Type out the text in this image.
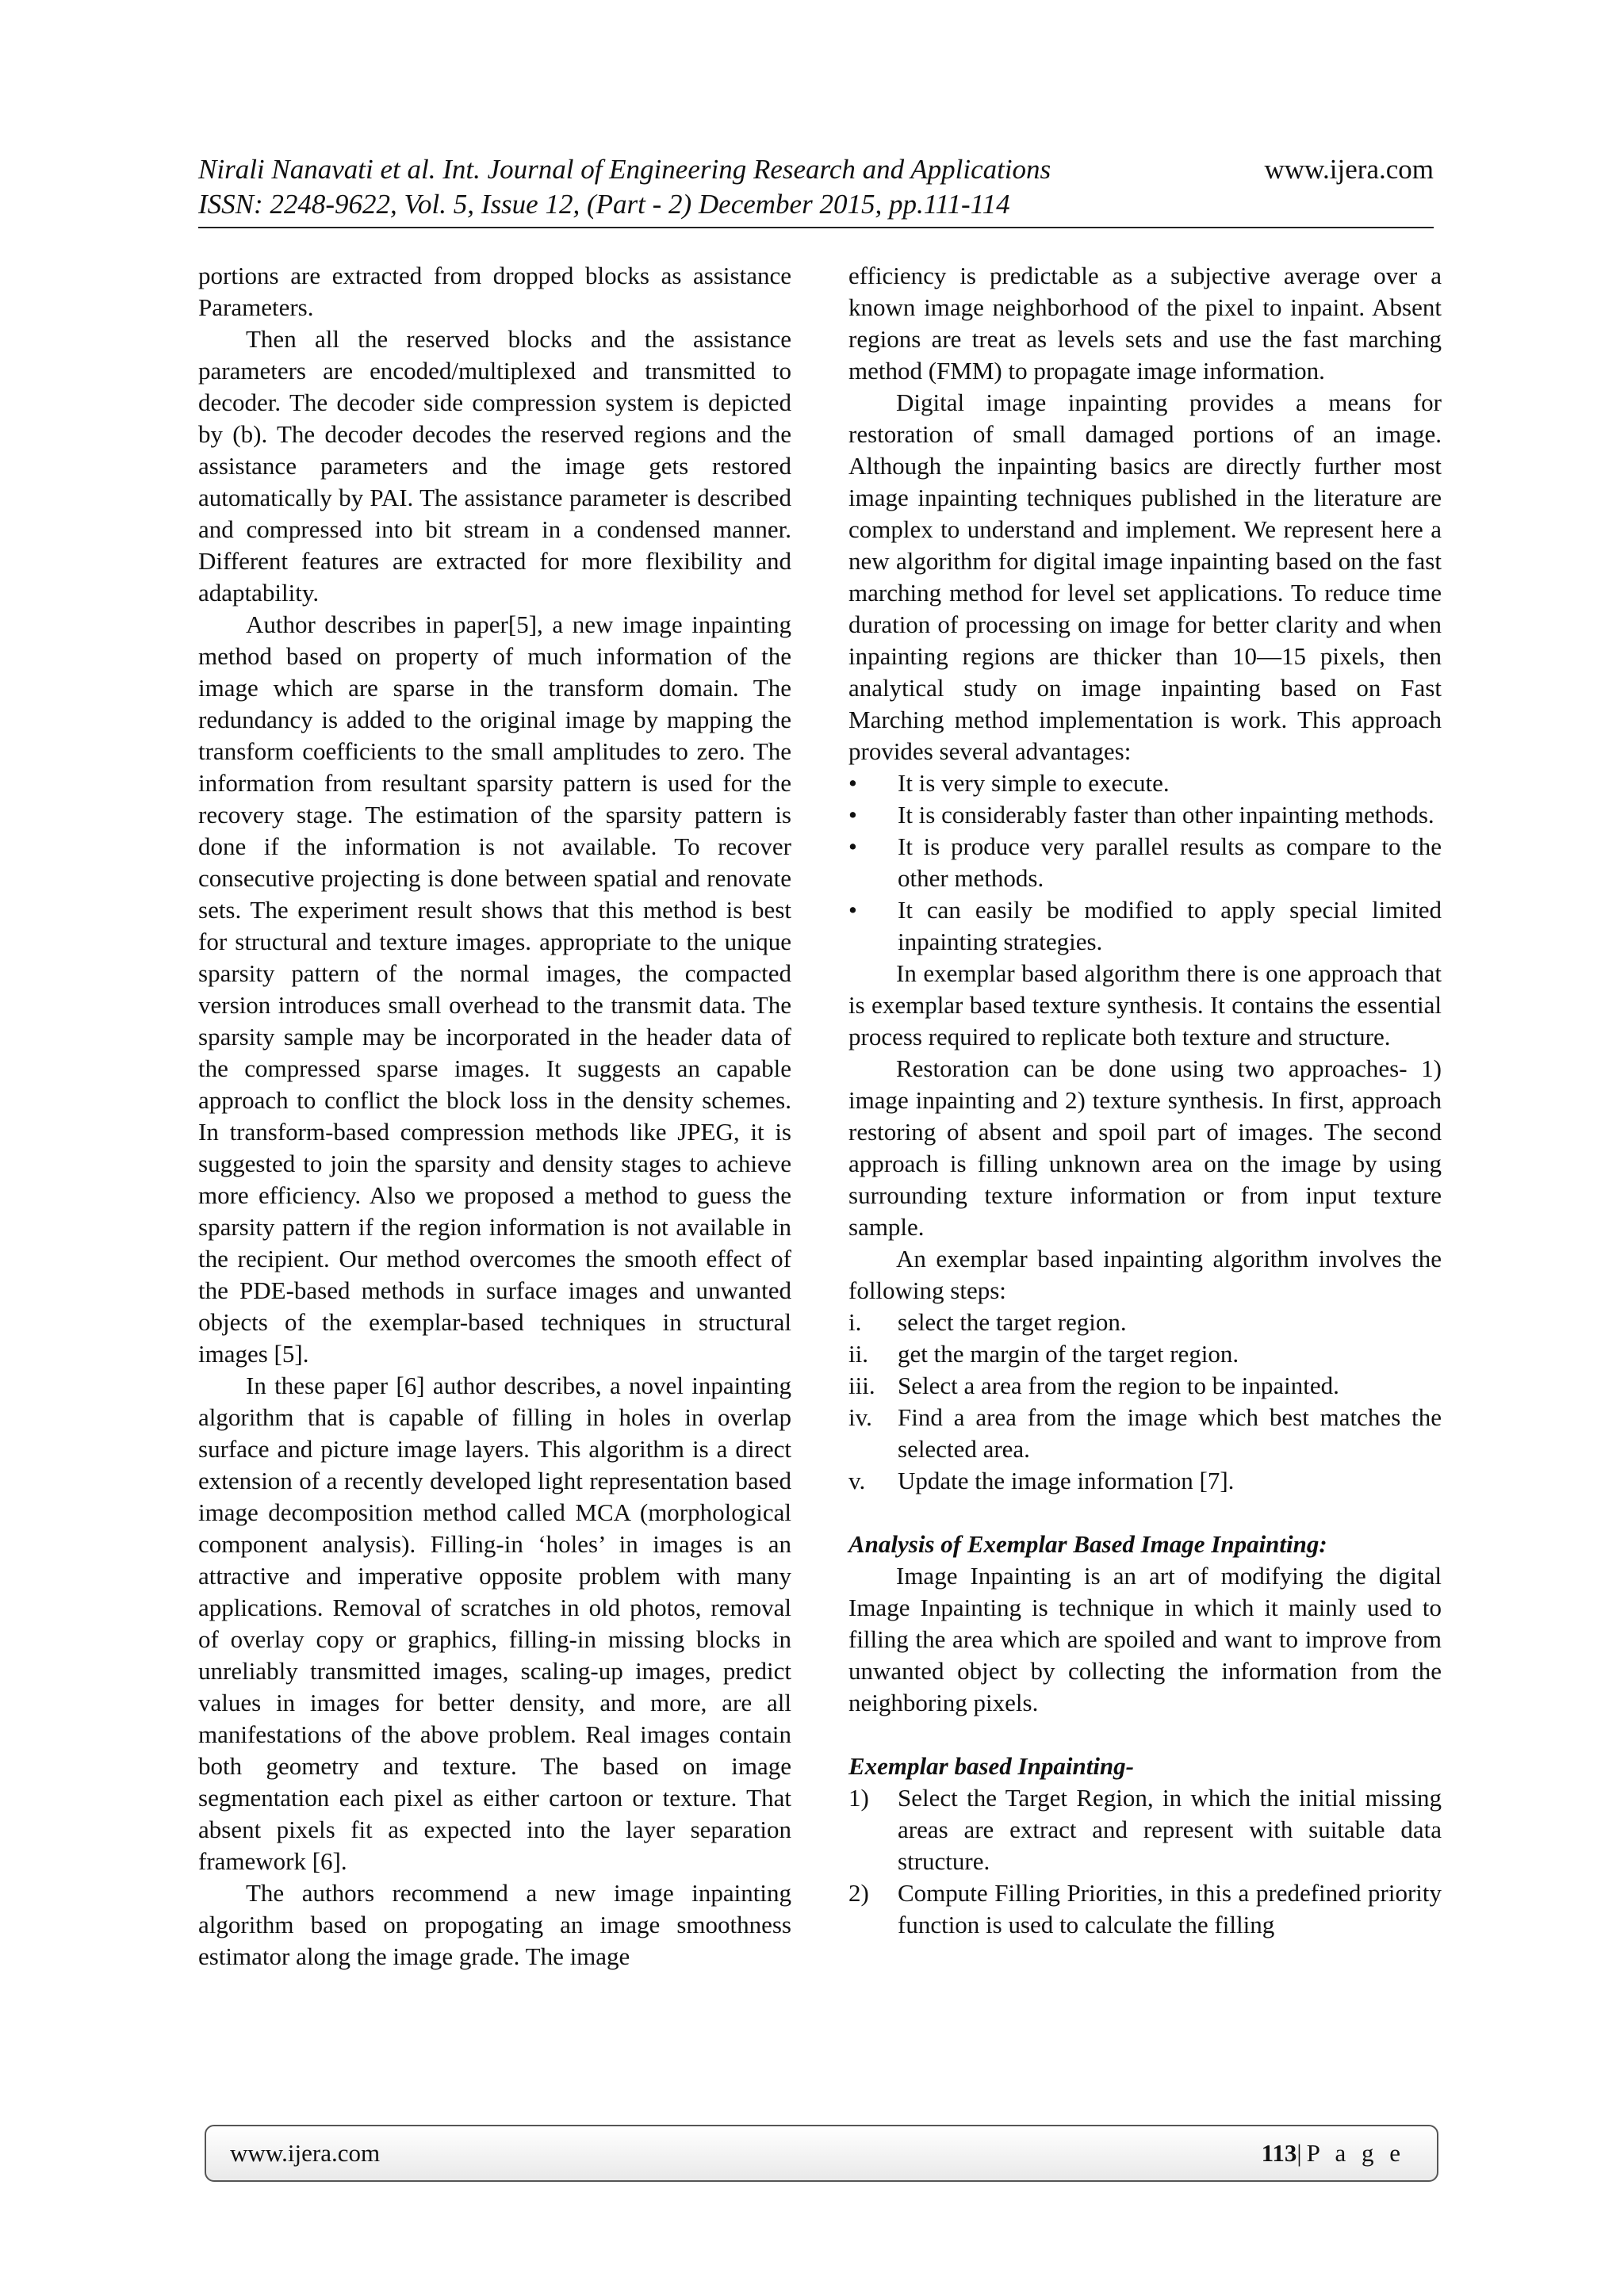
Nirali Nanavati et al. Int. Journal of Engineering Research and Applications	www.ijera.com
ISSN: 2248-9622, Vol. 5, Issue 12, (Part - 2) December 2015, pp.111-114

portions are extracted from dropped blocks as assistance Parameters.

Then all the reserved blocks and the assistance parameters are encoded/multiplexed and transmitted to decoder. The decoder side compression system is depicted by (b). The decoder decodes the reserved regions and the assistance parameters and the image gets restored automatically by PAI. The assistance parameter is described and compressed into bit stream in a condensed manner. Different features are extracted for more flexibility and adaptability.

Author describes in paper[5], a new image inpainting method based on property of much information of the image which are sparse in the transform domain. The redundancy is added to the original image by mapping the transform coefficients to the small amplitudes to zero. The information from resultant sparsity pattern is used for the recovery stage. The estimation of the sparsity pattern is done if the information is not available. To recover consecutive projecting is done between spatial and renovate sets. The experiment result shows that this method is best for structural and texture images. appropriate to the unique sparsity pattern of the normal images, the compacted version introduces small overhead to the transmit data. The sparsity sample may be incorporated in the header data of the compressed sparse images. It suggests an capable approach to conflict the block loss in the density schemes. In transform-based compression methods like JPEG, it is suggested to join the sparsity and density stages to achieve more efficiency. Also we proposed a method to guess the sparsity pattern if the region information is not available in the recipient. Our method overcomes the smooth effect of the PDE-based methods in surface images and unwanted objects of the exemplar-based techniques in structural images [5].

In these paper [6] author describes, a novel inpainting algorithm that is capable of filling in holes in overlap surface and picture image layers. This algorithm is a direct extension of a recently developed light representation based image decomposition method called MCA (morphological component analysis). Filling-in ‘holes’ in images is an attractive and imperative opposite problem with many applications. Removal of scratches in old photos, removal of overlay copy or graphics, filling-in missing blocks in unreliably transmitted images, scaling-up images, predict values in images for better density, and more, are all manifestations of the above problem. Real images contain both geometry and texture. The based on image segmentation each pixel as either cartoon or texture. That absent pixels fit as expected into the layer separation framework [6].

The authors recommend a new image inpainting algorithm based on propogating an image smoothness estimator along the image grade. The image

efficiency is predictable as a subjective average over a known image neighborhood of the pixel to inpaint. Absent regions are treat as levels sets and use the fast marching method (FMM) to propagate image information.

Digital image inpainting provides a means for restoration of small damaged portions of an image. Although the inpainting basics are directly further most image inpainting techniques published in the literature are complex to understand and implement. We represent here a new algorithm for digital image inpainting based on the fast marching method for level set applications. To reduce time duration of processing on image for better clarity and when inpainting regions are thicker than 10—15 pixels, then analytical study on image inpainting based on Fast Marching method implementation is work. This approach provides several advantages:

• It is very simple to execute.
• It is considerably faster than other inpainting methods.
• It is produce very parallel results as compare to the other methods.
• It can easily be modified to apply special limited inpainting strategies.

In exemplar based algorithm there is one approach that is exemplar based texture synthesis. It contains the essential process required to replicate both texture and structure.

Restoration can be done using two approaches- 1) image inpainting and 2) texture synthesis. In first, approach restoring of absent and spoil part of images. The second approach is filling unknown area on the image by using surrounding texture information or from input texture sample.

An exemplar based inpainting algorithm involves the following steps:

i. select the target region.
ii. get the margin of the target region.
iii. Select a area from the region to be inpainted.
iv. Find a area from the image which best matches the selected area.
v. Update the image information [7].

Analysis of Exemplar Based Image Inpainting:

Image Inpainting is an art of modifying the digital Image Inpainting is technique in which it mainly used to filling the area which are spoiled and want to improve from unwanted object by collecting the information from the neighboring pixels.

Exemplar based Inpainting-

1) Select the Target Region, in which the initial missing areas are extract and represent with suitable data structure.
2) Compute Filling Priorities, in this a predefined priority function is used to calculate the filling
www.ijera.com	113|P a g e
